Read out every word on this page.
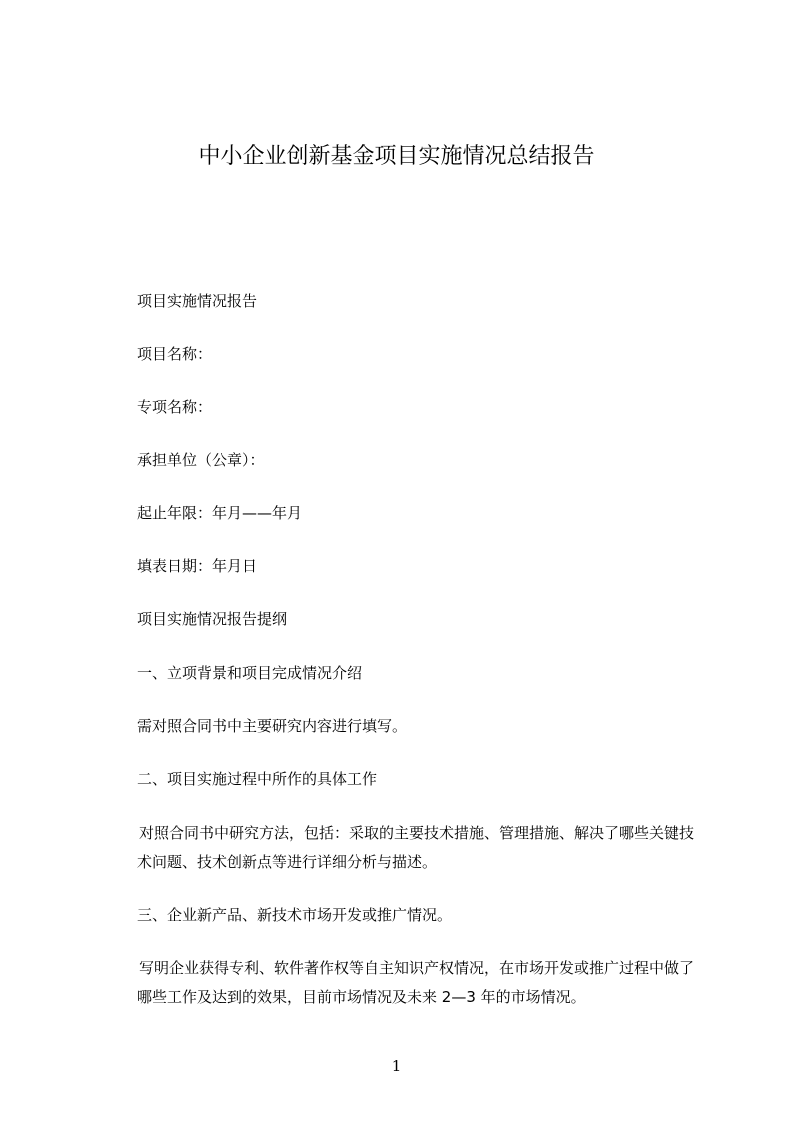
中小企业创新基金项目实施情况总结报告
项目实施情况报告
项目名称：
专项名称：
承担单位（公章）：
起止年限：年月——年月
填表日期：年月日
项目实施情况报告提纲
一、立项背景和项目完成情况介绍
需对照合同书中主要研究内容进行填写。
二、项目实施过程中所作的具体工作
对照合同书中研究方法，包括：采取的主要技术措施、管理措施、解决了哪些关键技术问题、技术创新点等进行详细分析与描述。
三、企业新产品、新技术市场开发或推广情况。
写明企业获得专利、软件著作权等自主知识产权情况，在市场开发或推广过程中做了哪些工作及达到的效果，目前市场情况及未来 2—3 年的市场情况。
1
